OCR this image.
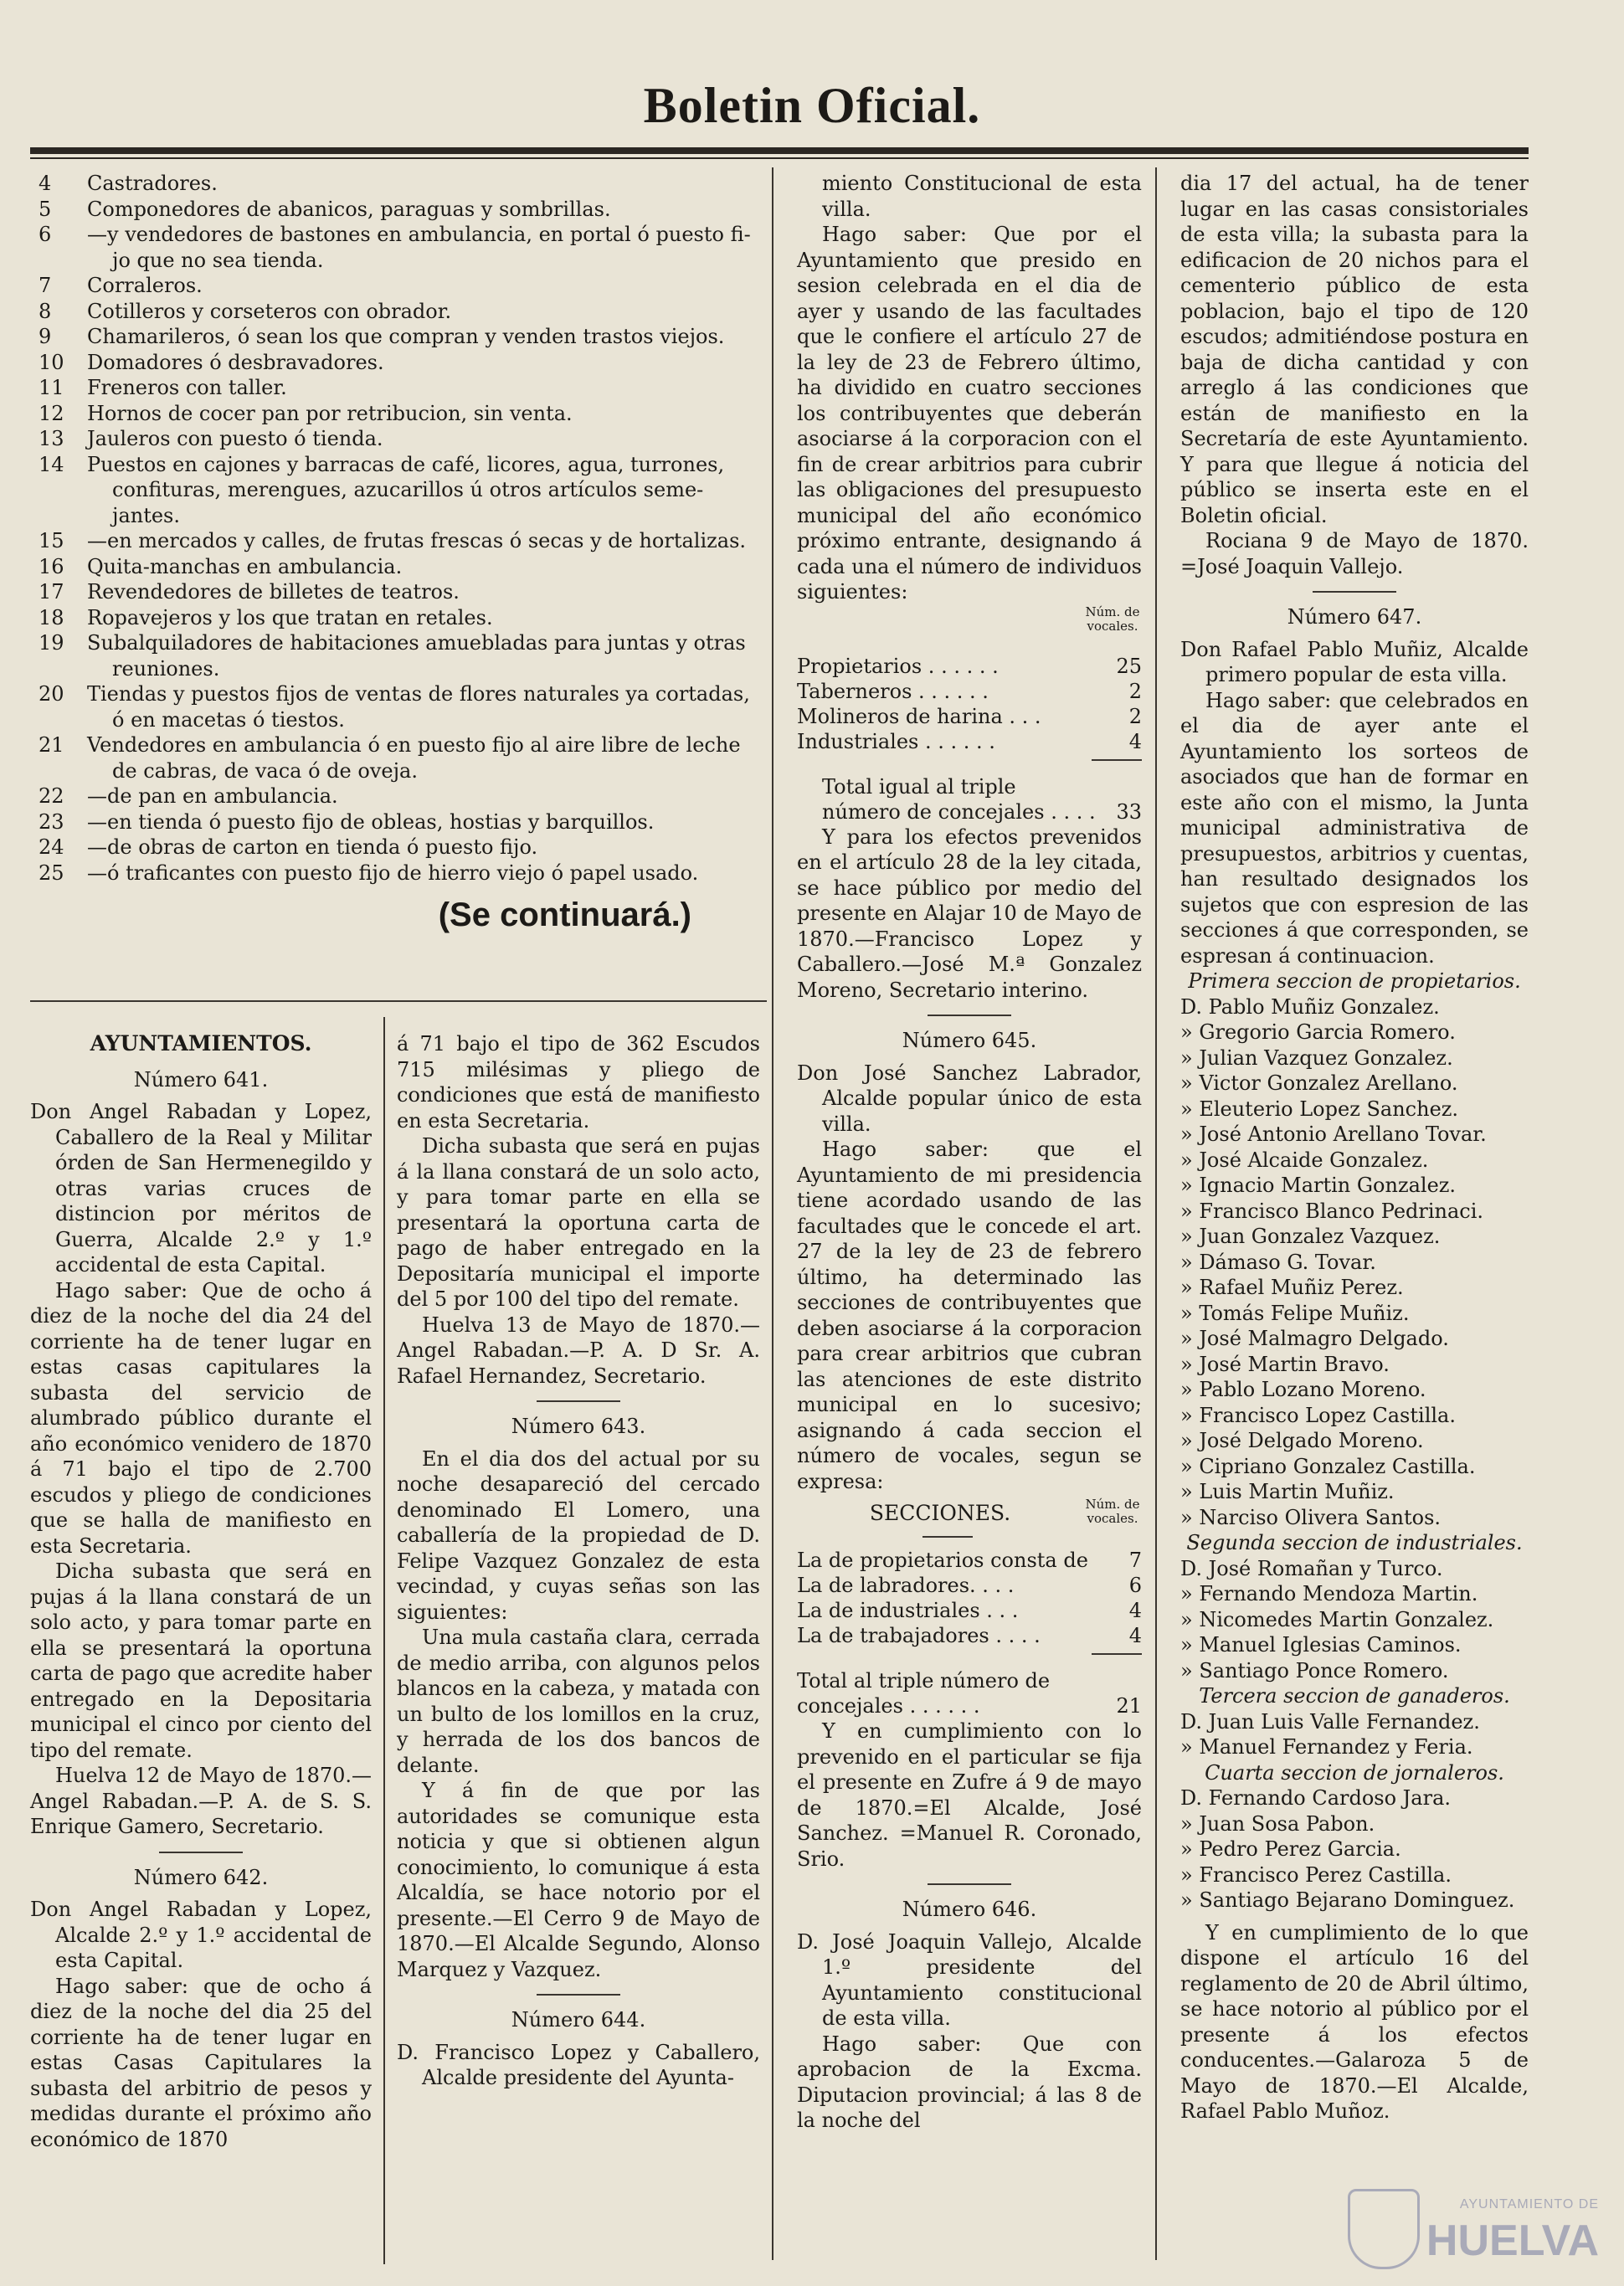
Boletin Oficial.
4	Castradores.
5	Componedores de abanicos, paraguas y sombrillas.
6	—y vendedores de bastones en ambulancia, en portal ó puesto fi-
jo que no sea tienda.
7	Corraleros.
8	Cotilleros y corseteros con obrador.
9	Chamarileros, ó sean los que compran y venden trastos viejos.
10	Domadores ó desbravadores.
11	Freneros con taller.
12	Hornos de cocer pan por retribucion, sin venta.
13	Jauleros con puesto ó tienda.
14	Puestos en cajones y barracas de café, licores, agua, turrones,
confituras, merengues, azucarillos ú otros artículos seme-jantes.
15	—en mercados y calles, de frutas frescas ó secas y de hortalizas.
16	Quita-manchas en ambulancia.
17	Revendedores de billetes de teatros.
18	Ropavejeros y los que tratan en retales.
19	Subalquiladores de habitaciones amuebladas para juntas y otras
reuniones.
20	Tiendas y puestos fijos de ventas de flores naturales ya cortadas,
ó en macetas ó tiestos.
21	Vendedores en ambulancia ó en puesto fijo al aire libre de leche
de cabras, de vaca ó de oveja.
22	—de pan en ambulancia.
23	—en tienda ó puesto fijo de obleas, hostias y barquillos.
24	—de obras de carton en tienda ó puesto fijo.
25	—ó traficantes con puesto fijo de hierro viejo ó papel usado.
(Se continuará.)
AYUNTAMIENTOS.

Número 641.

Don Angel Rabadan y Lopez, Caballero de la Real y Militar órden de San Hermenegildo y otras varias cruces de distincion por méritos de Guerra, Alcalde 2.º y 1.º accidental de esta Capital.

Hago saber: Que de ocho á diez de la noche del dia 24 del corriente ha de tener lugar en estas casas capitulares la subasta del servicio de alumbrado público durante el año económico venidero de 1870 á 71 bajo el tipo de 2.700 escudos y pliego de condiciones que se halla de manifiesto en esta Secretaria.

Dicha subasta que será en pujas á la llana constará de un solo acto, y para tomar parte en ella se presentará la oportuna carta de pago que acredite haber entregado en la Depositaria municipal el cinco por ciento del tipo del remate.

Huelva 12 de Mayo de 1870.—Angel Rabadan.—P. A. de S. S. Enrique Gamero, Secretario.

Número 642.

Don Angel Rabadan y Lopez, Alcalde 2.º y 1.º accidental de esta Capital.

Hago saber: que de ocho á diez de la noche del dia 25 del corriente ha de tener lugar en estas Casas Capitulares la subasta del arbitrio de pesos y medidas durante el próximo año económico de 1870

á 71 bajo el tipo de 362 Escudos 715 milésimas y pliego de condiciones que está de manifiesto en esta Secretaria.

Dicha subasta que será en pujas á la llana constará de un solo acto, y para tomar parte en ella se presentará la oportuna carta de pago de haber entregado en la Depositaría municipal el importe del 5 por 100 del tipo del remate.

Huelva 13 de Mayo de 1870.—Angel Rabadan.—P. A. D Sr. A. Rafael Hernandez, Secretario.

Número 643.

En el dia dos del actual por su noche desapareció del cercado denominado El Lomero, una caballería de la propiedad de D. Felipe Vazquez Gonzalez de esta vecindad, y cuyas señas son las siguientes:

Una mula castaña clara, cerrada de medio arriba, con algunos pelos blancos en la cabeza, y matada con un bulto de los lomillos en la cruz, y herrada de los dos bancos de delante.

Y á fin de que por las autoridades se comunique esta noticia y que si obtienen algun conocimiento, lo comunique á esta Alcaldía, se hace notorio por el presente.—El Cerro 9 de Mayo de 1870.—El Alcalde Segundo, Alonso Marquez y Vazquez.

Número 644.

D. Francisco Lopez y Caballero, Alcalde presidente del Ayunta-

miento Constitucional de esta villa.

Hago saber: Que por el Ayuntamiento que presido en sesion celebrada en el dia de ayer y usando de las facultades que le confiere el artículo 27 de la ley de 23 de Febrero último, ha dividido en cuatro secciones los contribuyentes que deberán asociarse á la corporacion con el fin de crear arbitrios para cubrir las obligaciones del presupuesto municipal del año económico próximo entrante, designando á cada una el número de individuos siguientes:

Núm. de vocales.
Propietarios . . . . . .	25
Taberneros . . . . . .	2
Molineros de harina . . .	2
Industriales . . . . . .	4
Total igual al triple número de concejales . . . .	33

Y para los efectos prevenidos en el artículo 28 de la ley citada, se hace público por medio del presente en Alajar 10 de Mayo de 1870.—Francisco Lopez y Caballero.—José M.ª Gonzalez Moreno, Secretario interino.

Número 645.

Don José Sanchez Labrador, Alcalde popular único de esta villa.

Hago saber: que el Ayuntamiento de mi presidencia tiene acordado usando de las facultades que le concede el art. 27 de la ley de 23 de febrero último, ha determinado las secciones de contribuyentes que deben asociarse á la corporacion para crear arbitrios que cubran las atenciones de este distrito municipal en lo sucesivo; asignando á cada seccion el número de vocales, segun se expresa:

SECCIONES.	Núm. de vocales.
La de propietarios consta de	7
La de labradores. . . .	6
La de industriales . . .	4
La de trabajadores . . . .	4
Total al triple número de concejales . . . . . .	21

Y en cumplimiento con lo prevenido en el particular se fija el presente en Zufre á 9 de mayo de 1870.=El Alcalde, José Sanchez. =Manuel R. Coronado, Srio.

Número 646.

D. José Joaquin Vallejo, Alcalde 1.º presidente del Ayuntamiento constitucional de esta villa.

Hago saber: Que con aprobacion de la Excma. Diputacion provincial; á las 8 de la noche del

dia 17 del actual, ha de tener lugar en las casas consistoriales de esta villa; la subasta para la edificacion de 20 nichos para el cementerio público de esta poblacion, bajo el tipo de 120 escudos; admitiéndose postura en baja de dicha cantidad y con arreglo á las condiciones que están de manifiesto en la Secretaría de este Ayuntamiento. Y para que llegue á noticia del público se inserta este en el Boletin oficial.

Rociana 9 de Mayo de 1870. =José Joaquin Vallejo.

Número 647.

Don Rafael Pablo Muñiz, Alcalde primero popular de esta villa.

Hago saber: que celebrados en el dia de ayer ante el Ayuntamiento los sorteos de asociados que han de formar en este año con el mismo, la Junta municipal administrativa de presupuestos, arbitrios y cuentas, han resultado designados los sujetos que con espresion de las secciones á que corresponden, se espresan á continuacion.

Primera seccion de propietarios.

D. Pablo Muñiz Gonzalez.
» Gregorio Garcia Romero.
» Julian Vazquez Gonzalez.
» Victor Gonzalez Arellano.
» Eleuterio Lopez Sanchez.
» José Antonio Arellano Tovar.
» José Alcaide Gonzalez.
» Ignacio Martin Gonzalez.
» Francisco Blanco Pedrinaci.
» Juan Gonzalez Vazquez.
» Dámaso G. Tovar.
» Rafael Muñiz Perez.
» Tomás Felipe Muñiz.
» José Malmagro Delgado.
» José Martin Bravo.
» Pablo Lozano Moreno.
» Francisco Lopez Castilla.
» José Delgado Moreno.
» Cipriano Gonzalez Castilla.
» Luis Martin Muñiz.
» Narciso Olivera Santos.

Segunda seccion de industriales.

D. José Romañan y Turco.
» Fernando Mendoza Martin.
» Nicomedes Martin Gonzalez.
» Manuel Iglesias Caminos.
» Santiago Ponce Romero.

Tercera seccion de ganaderos.

D. Juan Luis Valle Fernandez.
» Manuel Fernandez y Feria.

Cuarta seccion de jornaleros.

D. Fernando Cardoso Jara.
» Juan Sosa Pabon.
» Pedro Perez Garcia.
» Francisco Perez Castilla.
» Santiago Bejarano Dominguez.

Y en cumplimiento de lo que dispone el artículo 16 del reglamento de 20 de Abril último, se hace notorio al público por el presente á los efectos conducentes.—Galaroza 5 de Mayo de 1870.—El Alcalde, Rafael Pablo Muñoz.

AYUNTAMIENTO DE
HUELVA
